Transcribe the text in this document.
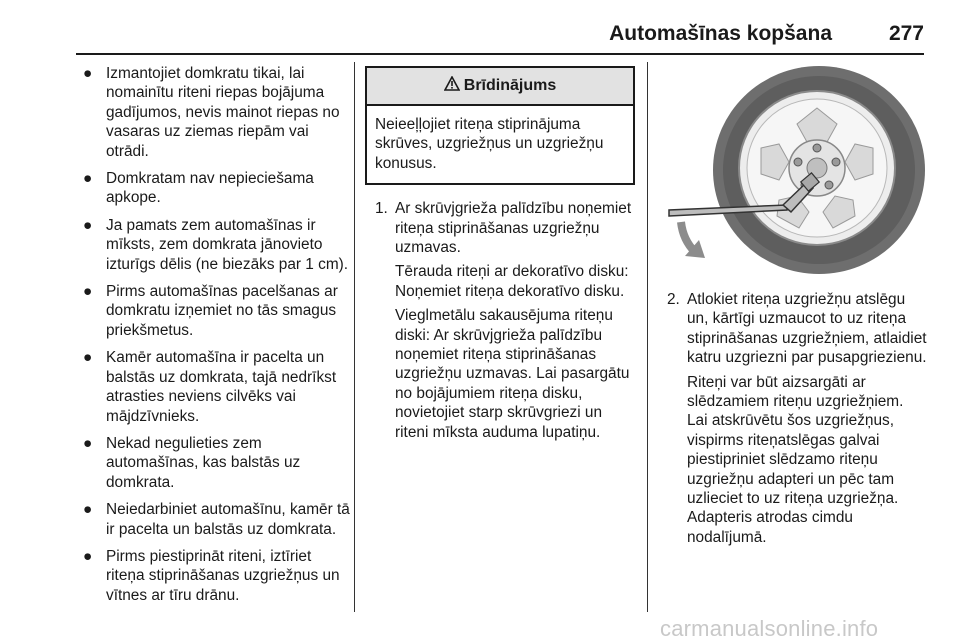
Automašīnas kopšana	277
● Izmantojiet domkratu tikai, lai nomainītu riteni riepas bojājuma gadījumos, nevis mainot riepas no vasaras uz ziemas riepām vai otrādi.
● Domkratam nav nepieciešama apkope.
● Ja pamats zem automašīnas ir mīksts, zem domkrata jānovieto izturīgs dēlis (ne biezāks par 1 cm).
● Pirms automašīnas pacelšanas ar domkratu izņemiet no tās smagus priekšmetus.
● Kamēr automašīna ir pacelta un balstās uz domkrata, tajā nedrīkst atrasties neviens cilvēks vai mājdzīvnieks.
● Nekad negulieties zem automašīnas, kas balstās uz domkrata.
● Neiedarbiniet automašīnu, kamēr tā ir pacelta un balstās uz domkrata.
● Pirms piestiprināt riteni, iztīriet riteņa stiprināšanas uzgriežņus un vītnes ar tīru drānu.
Brīdinājums
Neieeļļojiet riteņa stiprinājuma skrūves, uzgriežņus un uzgriežņu konusus.
1. Ar skrūvjgrieža palīdzību noņemiet riteņa stiprināšanas uzgriežņu uzmavas.

Tērauda riteņi ar dekoratīvo disku: Noņemiet riteņa dekoratīvo disku.

Vieglmetālu sakausējuma riteņu diski: Ar skrūvjgrieža palīdzību noņemiet riteņa stiprināšanas uzgriežņu uzmavas. Lai pasargātu no bojājumiem riteņa disku, novietojiet starp skrūvgriezi un riteni mīksta auduma lupatiņu.

2. Atlokiet riteņa uzgriežņu atslēgu un, kārtīgi uzmaucot to uz riteņa stiprināšanas uzgriežņiem, atlaidiet katru uzgriezni par pusapgriezienu.

Riteņi var būt aizsargāti ar slēdzamiem riteņu uzgriežņiem. Lai atskrūvētu šos uzgriežņus, vispirms riteņatslēgas galvai piestipriniet slēdzamo riteņu uzgriežņu adapteri un pēc tam uzlieciet to uz riteņa uzgriežņa. Adapteris atrodas cimdu nodalījumā.

carmanualsonline.info
